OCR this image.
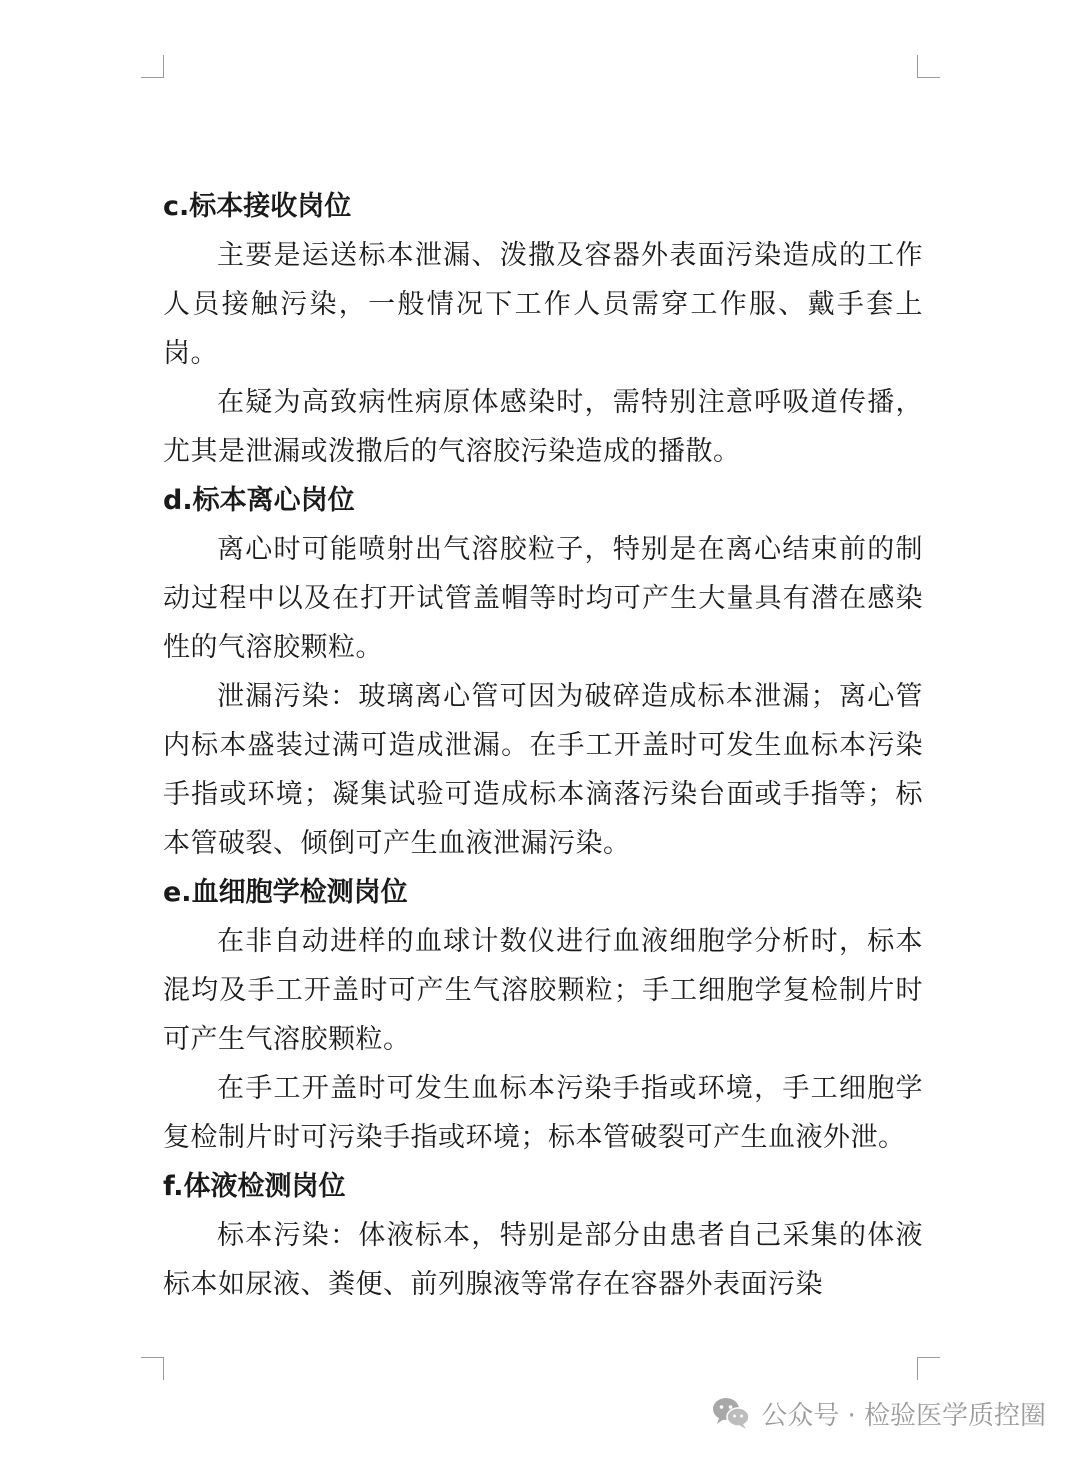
c.标本接收岗位

主要是运送标本泄漏、泼撒及容器外表面污染造成的工作人员接触污染，一般情况下工作人员需穿工作服、戴手套上岗。

在疑为高致病性病原体感染时，需特别注意呼吸道传播，尤其是泄漏或泼撒后的气溶胶污染造成的播散。

d.标本离心岗位

离心时可能喷射出气溶胶粒子，特别是在离心结束前的制动过程中以及在打开试管盖帽等时均可产生大量具有潜在感染性的气溶胶颗粒。

泄漏污染：玻璃离心管可因为破碎造成标本泄漏；离心管内标本盛装过满可造成泄漏。在手工开盖时可发生血标本污染手指或环境；凝集试验可造成标本滴落污染台面或手指等；标本管破裂、倾倒可产生血液泄漏污染。

e.血细胞学检测岗位

在非自动进样的血球计数仪进行血液细胞学分析时，标本混均及手工开盖时可产生气溶胶颗粒；手工细胞学复检制片时可产生气溶胶颗粒。

在手工开盖时可发生血标本污染手指或环境，手工细胞学复检制片时可污染手指或环境；标本管破裂可产生血液外泄。

f.体液检测岗位

标本污染：体液标本，特别是部分由患者自己采集的体液标本如尿液、粪便、前列腺液等常存在容器外表面污染

公众号 · 检验医学质控圈
